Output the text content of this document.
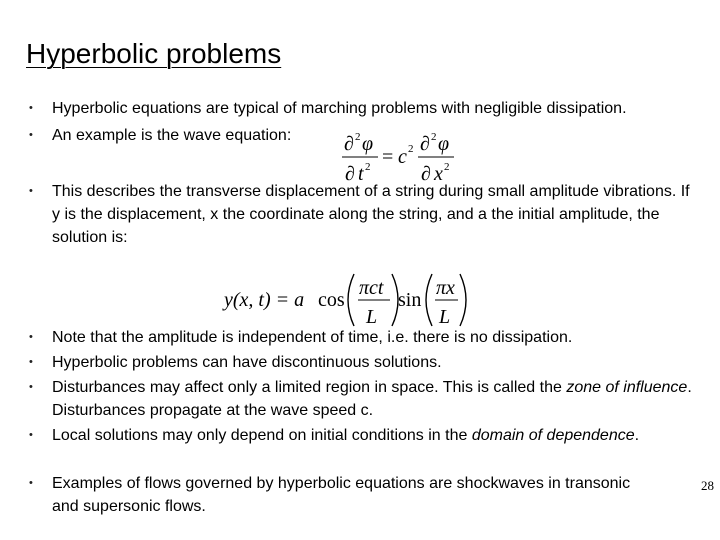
Hyperbolic problems
• Hyperbolic equations are typical of marching problems with negligible dissipation.
• An example is the wave equation:	∂ 2 φ
∂ t 2 = c 2 ∂ 2 φ
∂ x 2
• This describes the transverse displacement of a string during small amplitude vibrations. If y is the displacement, x the coordinate along the string, and a the initial amplitude, the solution is:
y(x, t) = a cos
πct
L
sin
πx
L
• Note that the amplitude is independent of time, i.e. there is no dissipation.
• Hyperbolic problems can have discontinuous solutions.
• Disturbances may affect only a limited region in space. This is called the zone of influence. Disturbances propagate at the wave speed c.
• Local solutions may only depend on initial conditions in the domain of dependence.
• Examples of flows governed by hyperbolic equations are shockwaves in transonic and supersonic flows.
28
